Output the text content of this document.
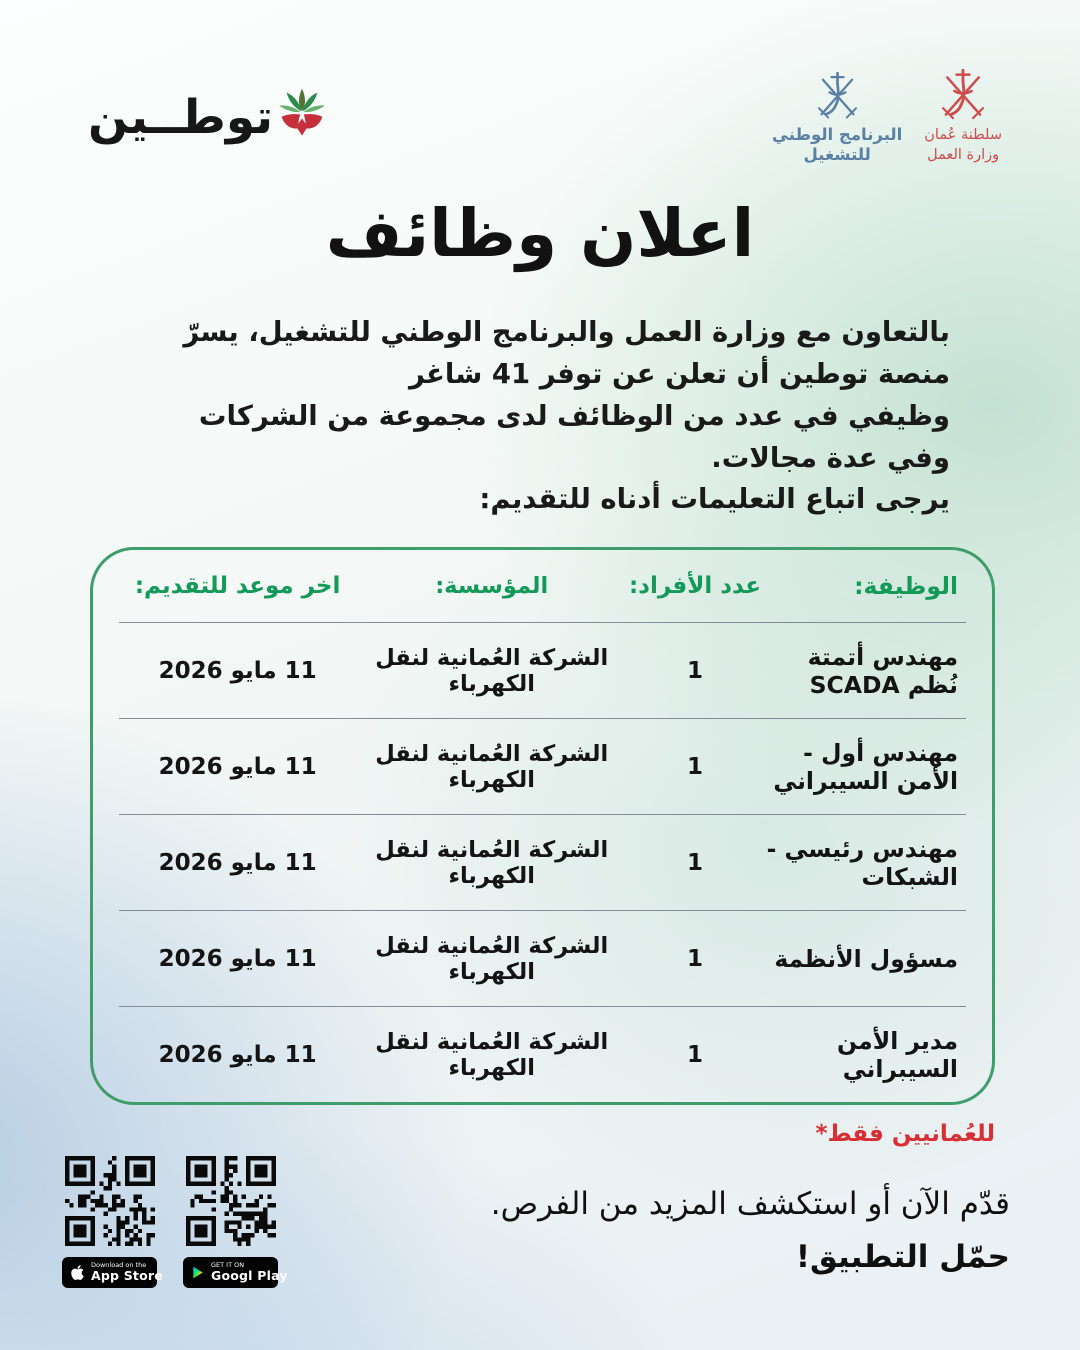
سلطنة عُمان
وزارة العمل
البرنامج الوطني
للتشغيل
توطــين
اعلان وظائف
بالتعاون مع وزارة العمل والبرنامج الوطني للتشغيل، يسرّ منصة توطين أن تعلن عن توفر 41 شاغر
وظيفي في عدد من الوظائف لدى مجموعة من الشركات وفي عدة مجالات.
يرجى اتباع التعليمات أدناه للتقديم:
الوظيفة:
عدد الأفراد:
المؤسسة:
اخر موعد للتقديم:
مهندس أتمتة نُظم SCADA
1
الشركة العُمانية لنقل الكهرباء
11 مايو 2026
مهندس أول - الأمن السيبراني
1
الشركة العُمانية لنقل الكهرباء
11 مايو 2026
مهندس رئيسي - الشبكات
1
الشركة العُمانية لنقل الكهرباء
11 مايو 2026
مسؤول الأنظمة
1
الشركة العُمانية لنقل الكهرباء
11 مايو 2026
مدير الأمن السيبراني
1
الشركة العُمانية لنقل الكهرباء
11 مايو 2026
للعُمانيين فقط*
قدّم الآن أو استكشف المزيد من الفرص.
حمّل التطبيق!
Download on the
App Store
GET IT ON
Googl Play
